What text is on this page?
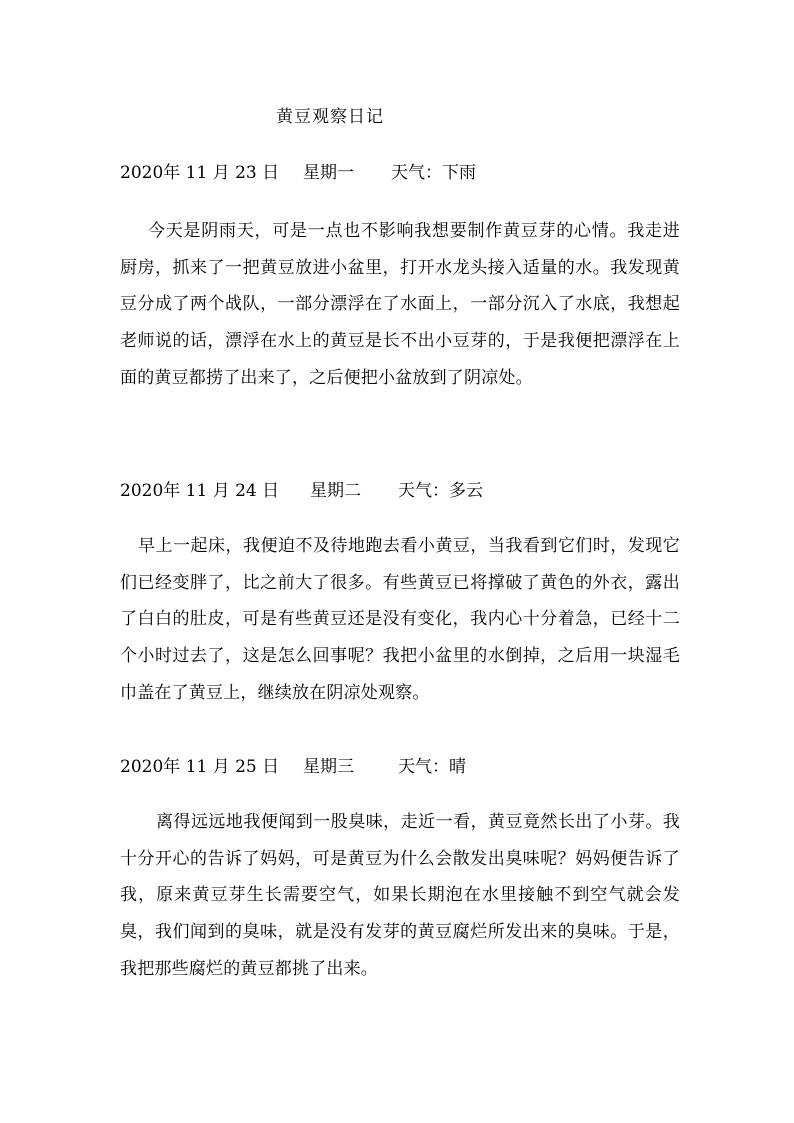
黄豆观察日记
2020年 11 月 23 日 星期一 天气：下雨

今天是阴雨天，可是一点也不影响我想要制作黄豆芽的心情。我走进厨房，抓来了一把黄豆放进小盆里，打开水龙头接入适量的水。我发现黄豆分成了两个战队，一部分漂浮在了水面上，一部分沉入了水底，我想起老师说的话，漂浮在水上的黄豆是长不出小豆芽的，于是我便把漂浮在上面的黄豆都捞了出来了，之后便把小盆放到了阴凉处。

2020年 11 月 24 日 星期二 天气：多云

早上一起床，我便迫不及待地跑去看小黄豆，当我看到它们时，发现它们已经变胖了，比之前大了很多。有些黄豆已将撑破了黄色的外衣，露出了白白的肚皮，可是有些黄豆还是没有变化，我内心十分着急，已经十二个小时过去了，这是怎么回事呢？我把小盆里的水倒掉，之后用一块湿毛巾盖在了黄豆上，继续放在阴凉处观察。

2020年 11 月 25 日 星期三	天气：晴

离得远远地我便闻到一股臭味，走近一看，黄豆竟然长出了小芽。我十分开心的告诉了妈妈，可是黄豆为什么会散发出臭味呢？妈妈便告诉了我，原来黄豆芽生长需要空气，如果长期泡在水里接触不到空气就会发臭，我们闻到的臭味，就是没有发芽的黄豆腐烂所发出来的臭味。于是，我把那些腐烂的黄豆都挑了出来。
